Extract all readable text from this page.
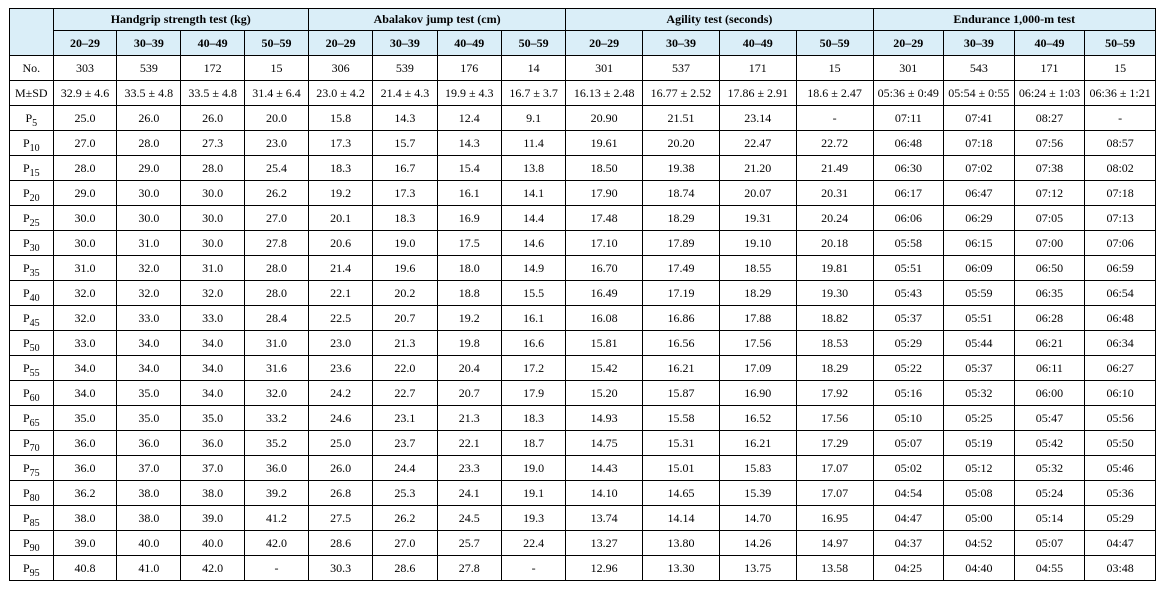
	Handgrip strength test (kg)				Abalakov jump test (cm)				Agility test (seconds)				Endurance 1,000-m test			
	20–29	30–39	40–49	50–59	20–29	30–39	40–49	50–59	20–29	30–39	40–49	50–59	20–29	30–39	40–49	50–59
No.	303	539	172	15	306	539	176	14	301	537	171	15	301	543	171	15
M±SD	32.9 ± 4.6	33.5 ± 4.8	33.5 ± 4.8	31.4 ± 6.4	23.0 ± 4.2	21.4 ± 4.3	19.9 ± 4.3	16.7 ± 3.7	16.13 ± 2.48	16.77 ± 2.52	17.86 ± 2.91	18.6 ± 2.47	05:36 ± 0:49	05:54 ± 0:55	06:24 ± 1:03	06:36 ± 1:21
$P_5$	25.0	26.0	26.0	20.0	15.8	14.3	12.4	9.1	20.90	21.51	23.14	-	07:11	07:41	08:27	-
$P_{10}$	27.0	28.0	27.3	23.0	17.3	15.7	14.3	11.4	19.61	20.20	22.47	22.72	06:48	07:18	07:56	08:57
$P_{15}$	28.0	29.0	28.0	25.4	18.3	16.7	15.4	13.8	18.50	19.38	21.20	21.49	06:30	07:02	07:38	08:02
$P_{20}$	29.0	30.0	30.0	26.2	19.2	17.3	16.1	14.1	17.90	18.74	20.07	20.31	06:17	06:47	07:12	07:18
$P_{25}$	30.0	30.0	30.0	27.0	20.1	18.3	16.9	14.4	17.48	18.29	19.31	20.24	06:06	06:29	07:05	07:13
$P_{30}$	30.0	31.0	30.0	27.8	20.6	19.0	17.5	14.6	17.10	17.89	19.10	20.18	05:58	06:15	07:00	07:06
$P_{35}$	31.0	32.0	31.0	28.0	21.4	19.6	18.0	14.9	16.70	17.49	18.55	19.81	05:51	06:09	06:50	06:59
$P_{40}$	32.0	32.0	32.0	28.0	22.1	20.2	18.8	15.5	16.49	17.19	18.29	19.30	05:43	05:59	06:35	06:54
$P_{45}$	32.0	33.0	33.0	28.4	22.5	20.7	19.2	16.1	16.08	16.86	17.88	18.82	05:37	05:51	06:28	06:48
$P_{50}$	33.0	34.0	34.0	31.0	23.0	21.3	19.8	16.6	15.81	16.56	17.56	18.53	05:29	05:44	06:21	06:34
$P_{55}$	34.0	34.0	34.0	31.6	23.6	22.0	20.4	17.2	15.42	16.21	17.09	18.29	05:22	05:37	06:11	06:27
$P_{60}$	34.0	35.0	34.0	32.0	24.2	22.7	20.7	17.9	15.20	15.87	16.90	17.92	05:16	05:32	06:00	06:10
$P_{65}$	35.0	35.0	35.0	33.2	24.6	23.1	21.3	18.3	14.93	15.58	16.52	17.56	05:10	05:25	05:47	05:56
$P_{70}$	36.0	36.0	36.0	35.2	25.0	23.7	22.1	18.7	14.75	15.31	16.21	17.29	05:07	05:19	05:42	05:50
$P_{75}$	36.0	37.0	37.0	36.0	26.0	24.4	23.3	19.0	14.43	15.01	15.83	17.07	05:02	05:12	05:32	05:46
$P_{80}$	36.2	38.0	38.0	39.2	26.8	25.3	24.1	19.1	14.10	14.65	15.39	17.07	04:54	05:08	05:24	05:36
$P_{85}$	38.0	38.0	39.0	41.2	27.5	26.2	24.5	19.3	13.74	14.14	14.70	16.95	04:47	05:00	05:14	05:29
$P_{90}$	39.0	40.0	40.0	42.0	28.6	27.0	25.7	22.4	13.27	13.80	14.26	14.97	04:37	04:52	05:07	04:47
$P_{95}$	40.8	41.0	42.0	-	30.3	28.6	27.8	-	12.96	13.30	13.75	13.58	04:25	04:40	04:55	03:48
